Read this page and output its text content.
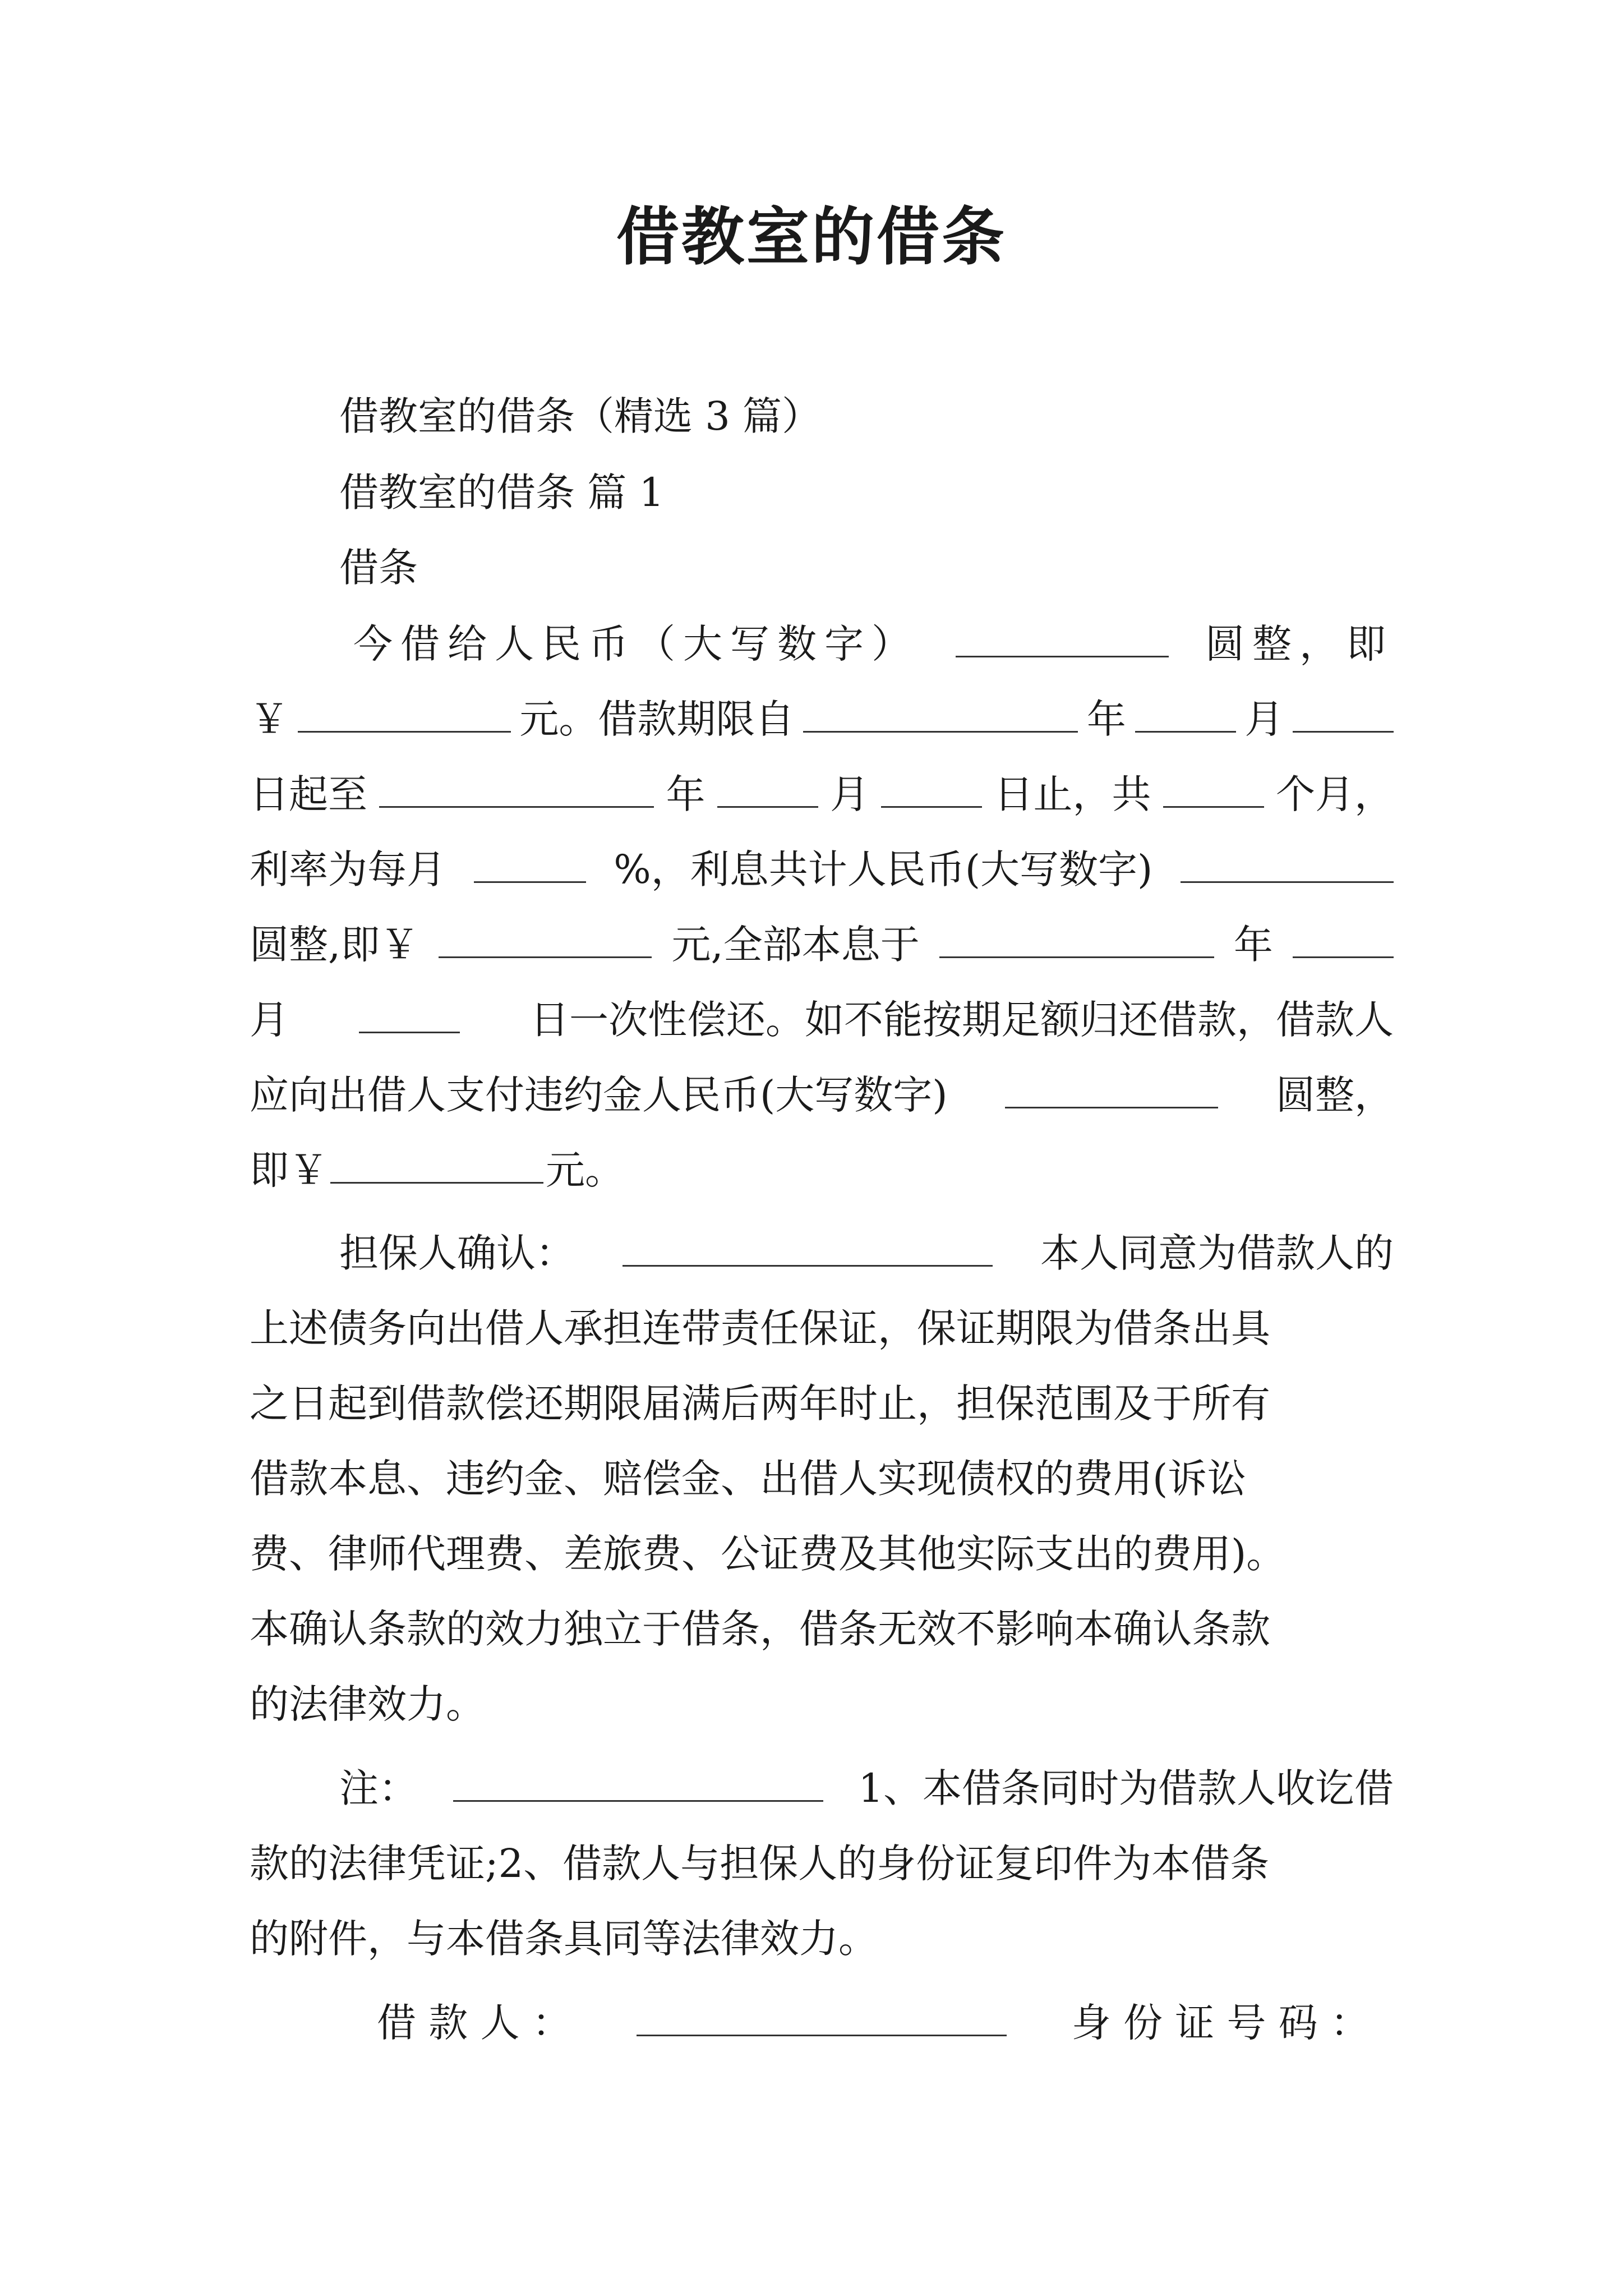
借教室的借条
借教室的借条（精选 3 篇）
借教室的借条 篇 1
借条
今借给人民币（大写数字）	圆整，即
￥	元。借款期限自	年	月
日起至	年	月	日止，共	个月，
利率为每月	%，利息共计人民币(大写数字)
圆整,即￥	元,全部本息于	年
月	日一次性偿还。如不能按期足额归还借款，借款人
应向出借人支付违约金人民币(大写数字)	圆整，
即￥	元。
担保人确认：	本人同意为借款人的
上述债务向出借人承担连带责任保证，保证期限为借条出具
之日起到借款偿还期限届满后两年时止，担保范围及于所有
借款本息、违约金、赔偿金、出借人实现债权的费用(诉讼
费、律师代理费、差旅费、公证费及其他实际支出的费用)。
本确认条款的效力独立于借条，借条无效不影响本确认条款
的法律效力。
注：	1、本借条同时为借款人收讫借
款的法律凭证;2、借款人与担保人的身份证复印件为本借条
的附件，与本借条具同等法律效力。
借 款 人 ：	身 份 证 号 码 ：
